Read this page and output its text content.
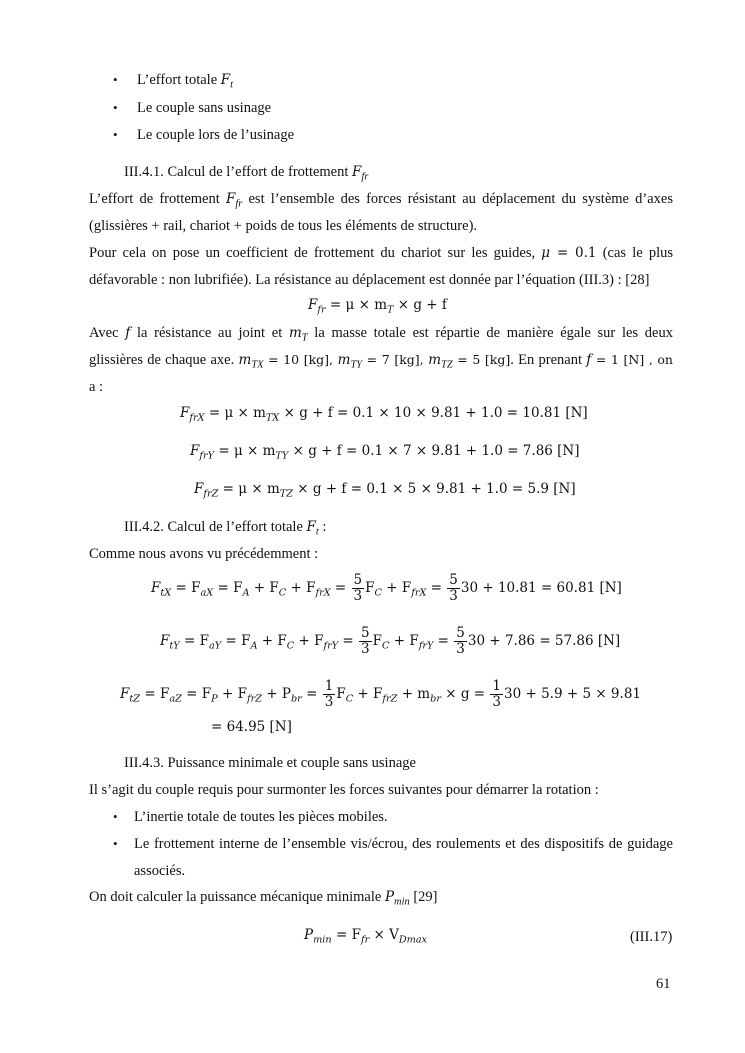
• L’effort totale $F_t$
• Le couple sans usinage
• Le couple lors de l’usinage
III.4.1. Calcul de l’effort de frottement $F_{fr}$
L’effort de frottement $F_{fr}$ est l’ensemble des forces résistant au déplacement du système d’axes
(glissières + rail, chariot + poids de tous les éléments de structure).
Pour cela on pose un coefficient de frottement du chariot sur les guides, μ = 0.1 (cas le plus
défavorable : non lubrifiée). La résistance au déplacement est donnée par l’équation (III.3) : [28]
$F_{fr} = \mu \times m_T \times g + f$
Avec f la résistance au joint et $m_T$ la masse totale est répartie de manière égale sur les deux
glissières de chaque axe. $m_{TX} = 10$ [kg], $m_{TY} = 7$ [kg], $m_{TZ} = 5$ [kg]. En prenant f = 1 [N] , on
a :
$F_{frX} = \mu \times m_{TX} \times g + f = 0.1 \times 10 \times 9.81 + 1.0 = 10.81$ [N]
$F_{frY} = \mu \times m_{TY} \times g + f = 0.1 \times 7 \times 9.81 + 1.0 = 7.86$ [N]
$F_{frZ} = \mu \times m_{TZ} \times g + f = 0.1 \times 5 \times 9.81 + 1.0 = 5.9$ [N]
III.4.2. Calcul de l’effort totale $F_t$ :
Comme nous avons vu précédemment :
$F_{tX} = F_{aX} = F_A + F_C + F_{frX} = \frac{5}{3} F_C + F_{frX} = \frac{5}{3} 30 + 10.81 = 60.81$ [N]
$F_{tY} = F_{aY} = F_A + F_C + F_{frY} = \frac{5}{3} F_C + F_{frY} = \frac{5}{3} 30 + 7.86 = 57.86$ [N]
$F_{tZ} = F_{aZ} = F_P + F_{frZ} + P_{br} = \frac{1}{3} F_C + F_{frZ} + m_{br} \times g = \frac{1}{3} 30 + 5.9 + 5 \times 9.81$
= 64.95 [N]
III.4.3. Puissance minimale et couple sans usinage
Il s’agit du couple requis pour surmonter les forces suivantes pour démarrer la rotation :
• L’inertie totale de toutes les pièces mobiles.
• Le frottement interne de l’ensemble vis/écrou, des roulements et des dispositifs de guidage
associés.
On doit calculer la puissance mécanique minimale $P_{min}$ [29]
$P_{min} = F_{fr} \times V_{Dmax}$	(III.17)
61
